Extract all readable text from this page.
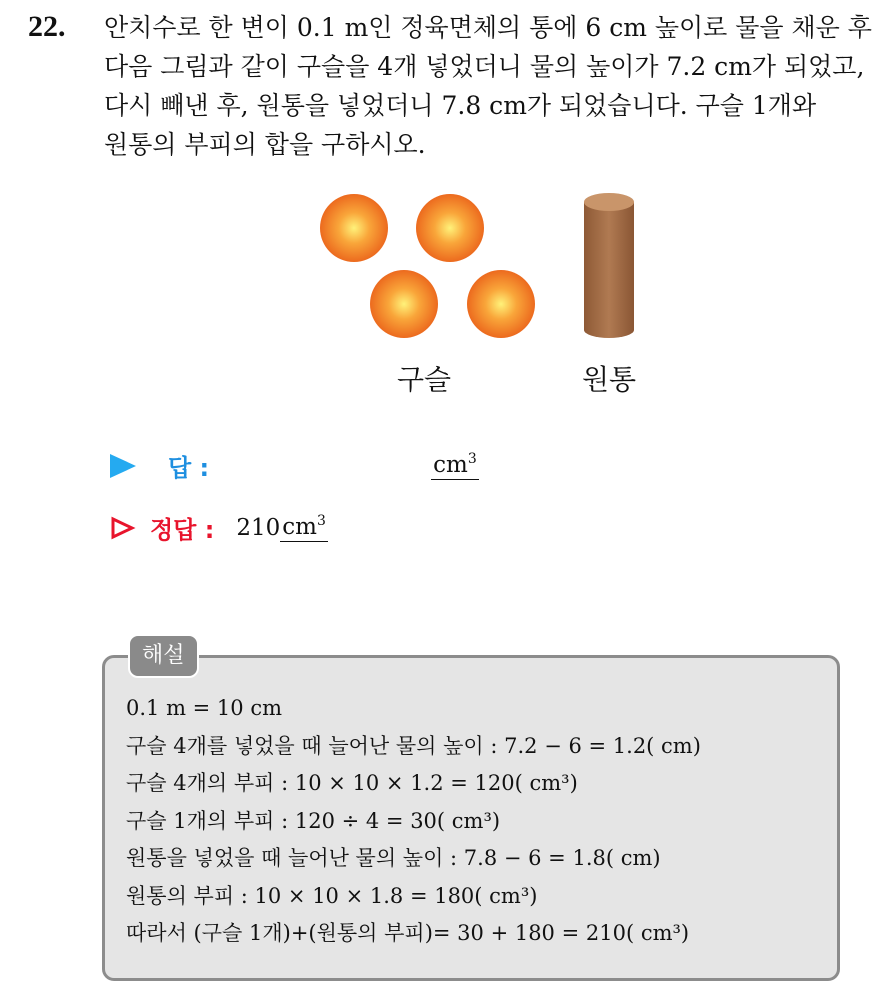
22. 안치수로 한 변이 0.1 m인 정육면체의 통에 6 cm 높이로 물을 채운 후
다음 그림과 같이 구슬을 4개 넣었더니 물의 높이가 7.2 cm가 되었고,
다시 빼낸 후, 원통을 넣었더니 7.8 cm가 되었습니다. 구슬 1개와
원통의 부피의 합을 구하시오.

구슬	원통
답 :	$cm^3$
정답 : 210 $cm^3$
해설

0.1 m = 10 cm
구슬 4개를 넣었을 때 늘어난 물의 높이 : 7.2 − 6 = 1.2( cm)
구슬 4개의 부피 : 10 × 10 × 1.2 = 120( cm³)
구슬 1개의 부피 : 120 ÷ 4 = 30( cm³)
원통을 넣었을 때 늘어난 물의 높이 : 7.8 − 6 = 1.8( cm)
원통의 부피 : 10 × 10 × 1.8 = 180( cm³)
따라서 (구슬 1개)+(원통의 부피)= 30 + 180 = 210( cm³)
